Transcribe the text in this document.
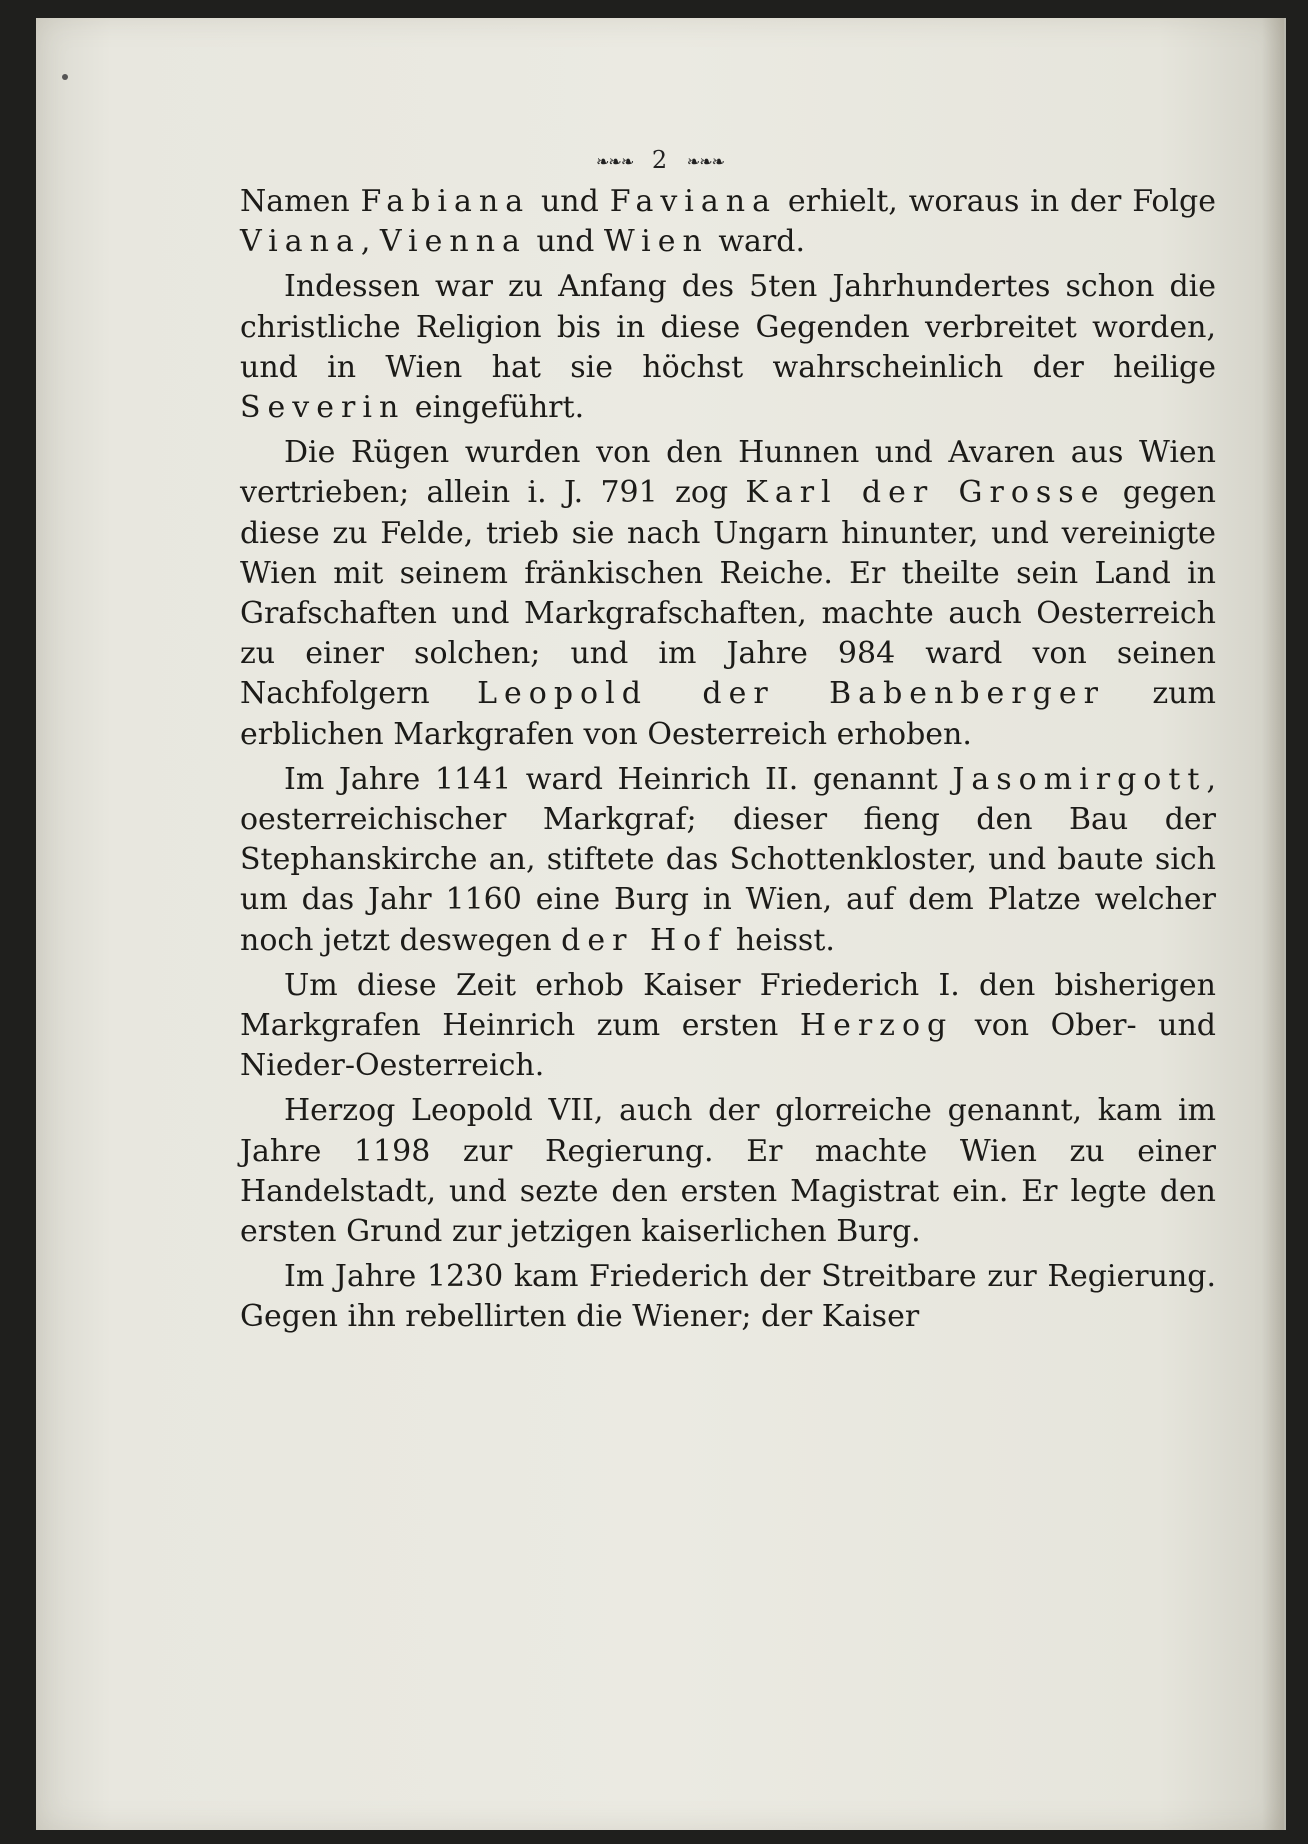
❧❧❧ 2 ❧❧❧

Namen Fabiana und Faviana erhielt, woraus in der Folge Viana, Vienna und Wien ward.

Indessen war zu Anfang des 5ten Jahrhundertes schon die christliche Religion bis in diese Gegenden verbreitet worden, und in Wien hat sie höchst wahrscheinlich der heilige Severin eingeführt.

Die Rügen wurden von den Hunnen und Avaren aus Wien vertrieben; allein i. J. 791 zog Karl der Grosse gegen diese zu Felde, trieb sie nach Ungarn hinunter, und vereinigte Wien mit seinem fränkischen Reiche. Er theilte sein Land in Grafschaften und Markgrafschaften, machte auch Oesterreich zu einer solchen; und im Jahre 984 ward von seinen Nachfolgern Leopold der Babenberger zum erblichen Markgrafen von Oesterreich erhoben.

Im Jahre 1141 ward Heinrich II. genannt Jasomirgott, oesterreichischer Markgraf; dieser fieng den Bau der Stephanskirche an, stiftete das Schottenkloster, und baute sich um das Jahr 1160 eine Burg in Wien, auf dem Platze welcher noch jetzt deswegen der Hof heisst.

Um diese Zeit erhob Kaiser Friederich I. den bisherigen Markgrafen Heinrich zum ersten Herzog von Ober- und Nieder-Oesterreich.

Herzog Leopold VII, auch der glorreiche genannt, kam im Jahre 1198 zur Regierung. Er machte Wien zu einer Handelstadt, und sezte den ersten Magistrat ein. Er legte den ersten Grund zur jetzigen kaiserlichen Burg.

Im Jahre 1230 kam Friederich der Streitbare zur Regierung. Gegen ihn rebellirten die Wiener; der Kaiser
